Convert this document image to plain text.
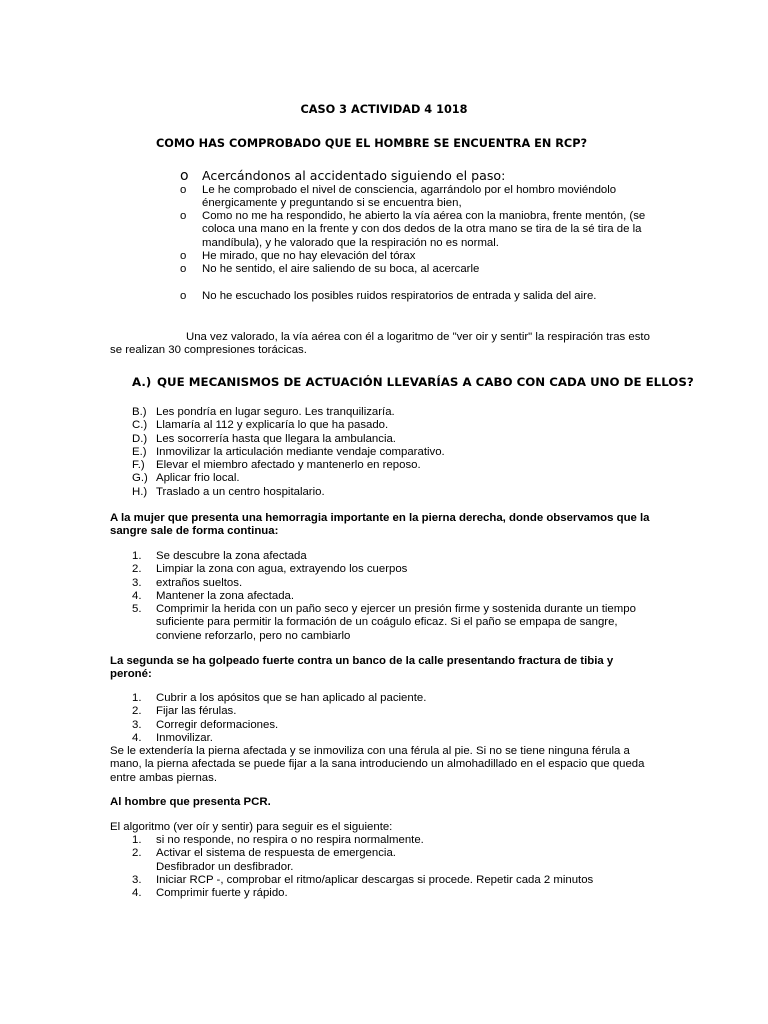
CASO 3 ACTIVIDAD 4 1018
COMO HAS COMPROBADO QUE EL HOMBRE SE ENCUENTRA EN RCP?
o	Acercándonos al accidentado siguiendo el paso:
o	Le he comprobado el nivel de consciencia, agarrándolo por el hombro moviéndolo énergicamente y preguntando si se encuentra bien,
o	Como no me ha respondido, he abierto la vía aérea con la maniobra, frente mentón, (se coloca una mano en la frente y con dos dedos de la otra mano se tira de la sé tira de la mandíbula), y he valorado que la respiración no es normal.
o	He mirado, que no hay elevación del tórax
o	No he sentido, el aire saliendo de su boca, al acercarle
o	No he escuchado los posibles ruidos respiratorios de entrada y salida del aire.
Una vez valorado, la vía aérea con él a logaritmo de "ver oir y sentir" la respiración tras esto se realizan 30 compresiones torácicas.
A.) QUE MECANISMOS DE ACTUACIÓN LLEVARÍAS A CABO CON CADA UNO DE ELLOS?
B.) Les pondría en lugar seguro. Les tranquilizaría.
C.) Llamaría al 112 y explicaría lo que ha pasado.
D.) Les socorrería hasta que llegara la ambulancia.
E.) Inmovilizar la articulación mediante vendaje comparativo.
F.) Elevar el miembro afectado y mantenerlo en reposo.
G.) Aplicar frio local.
H.) Traslado a un centro hospitalario.
A la mujer que presenta una hemorragia importante en la pierna derecha, donde observamos que la sangre sale de forma continua:
1. Se descubre la zona afectada
2. Limpiar la zona con agua, extrayendo los cuerpos
3. extraños sueltos.
4. Mantener la zona afectada.
5. Comprimir la herida con un paño seco y ejercer un presión firme y sostenida durante un tiempo suficiente para permitir la formación de un coágulo eficaz. Si el paño se empapa de sangre, conviene reforzarlo, pero no cambiarlo
La segunda se ha golpeado fuerte contra un banco de la calle presentando fractura de tibia y peroné:
1. Cubrir a los apósitos que se han aplicado al paciente.
2. Fijar las férulas.
3. Corregir deformaciones.
4. Inmovilizar.
Se le extendería la pierna afectada y se inmoviliza con una férula al pie. Si no se tiene ninguna férula a mano, la pierna afectada se puede fijar a la sana introduciendo un almohadillado en el espacio que queda entre ambas piernas.
Al hombre que presenta PCR.
El algoritmo (ver oír y sentir) para seguir es el siguiente:
1. si no responde, no respira o no respira normalmente.
2. Activar el sistema de respuesta de emergencia.
Desfibrador un desfibrador.
3. Iniciar RCP -, comprobar el ritmo/aplicar descargas si procede. Repetir cada 2 minutos
4. Comprimir fuerte y rápido.
